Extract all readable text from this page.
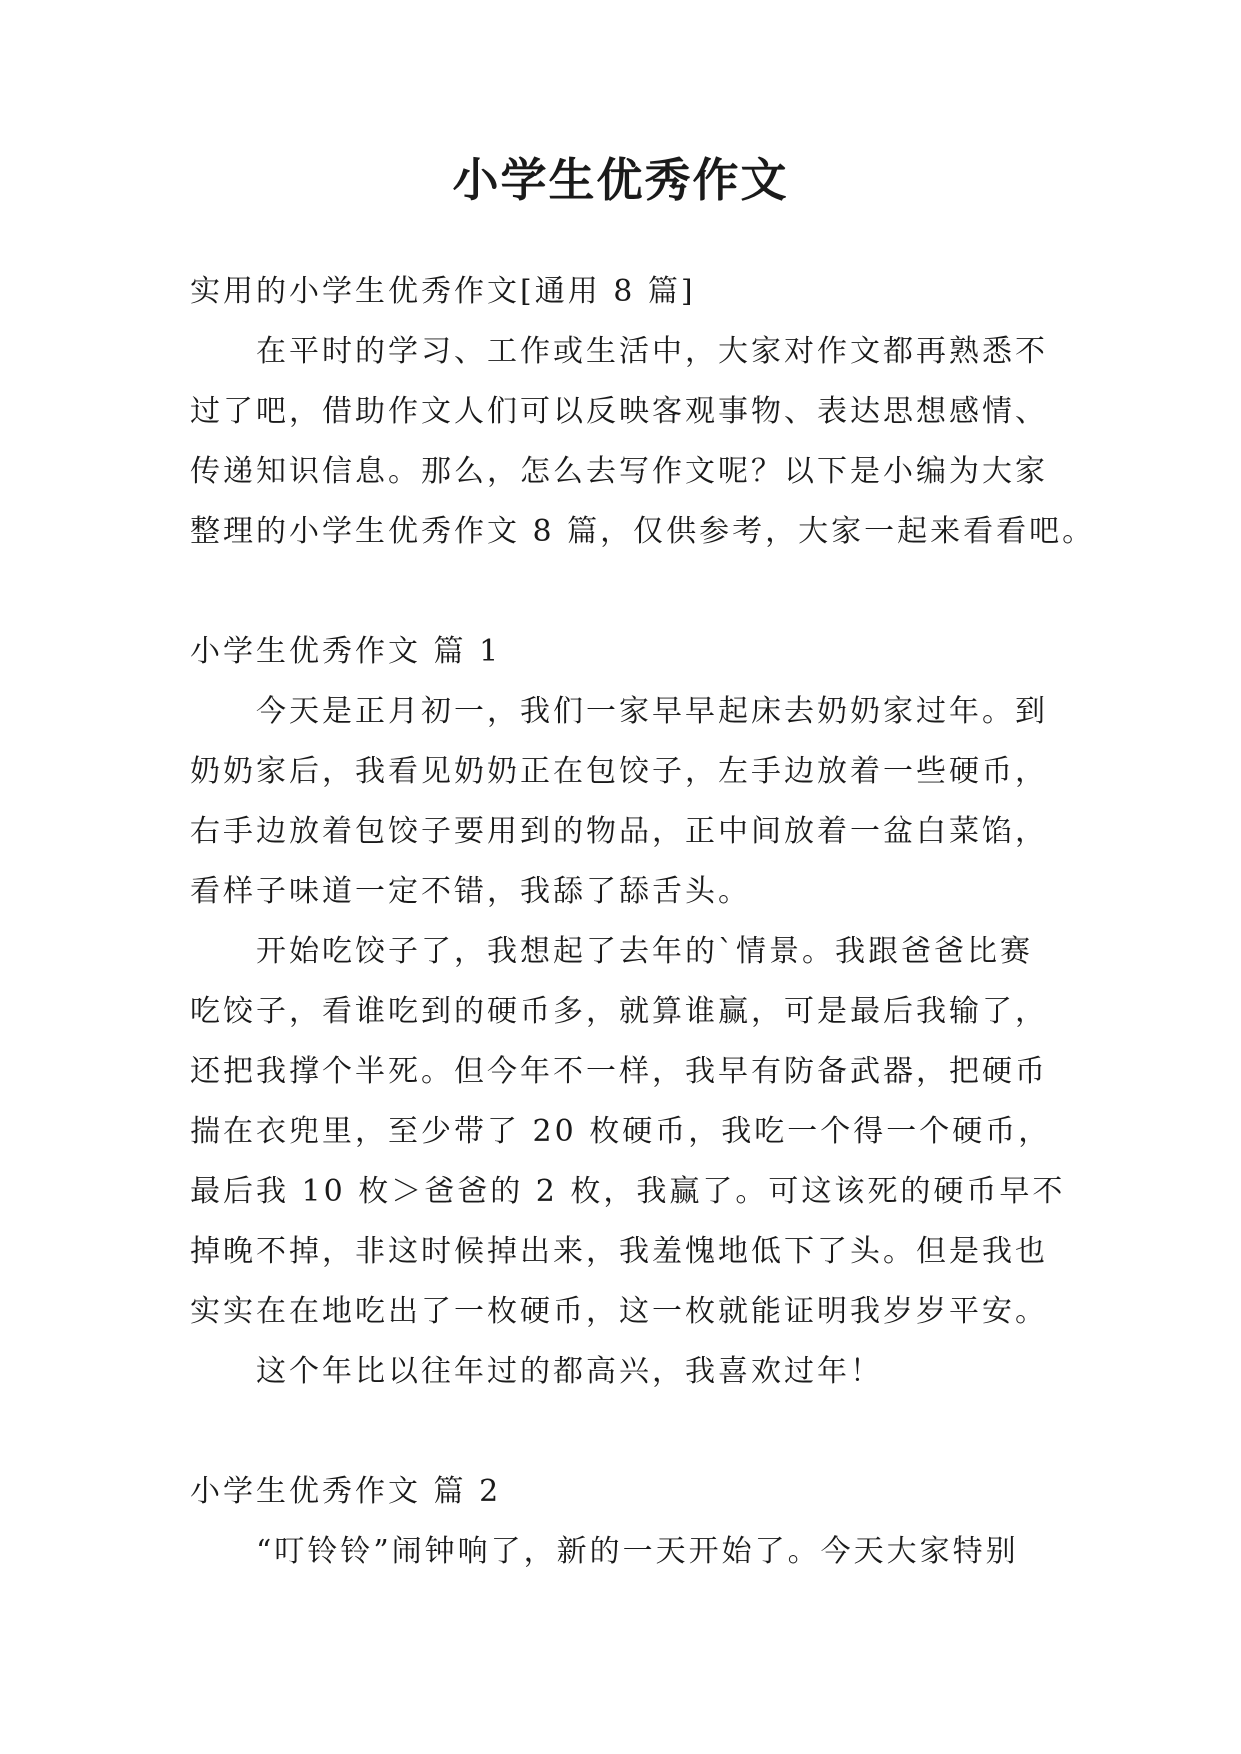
小学生优秀作文
实用的小学生优秀作文[通用 8 篇]
在平时的学习、工作或生活中，大家对作文都再熟悉不
过了吧，借助作文人们可以反映客观事物、表达思想感情、
传递知识信息。那么，怎么去写作文呢？以下是小编为大家
整理的小学生优秀作文 8 篇，仅供参考，大家一起来看看吧。
小学生优秀作文 篇 1
今天是正月初一，我们一家早早起床去奶奶家过年。到
奶奶家后，我看见奶奶正在包饺子，左手边放着一些硬币，
右手边放着包饺子要用到的物品，正中间放着一盆白菜馅，
看样子味道一定不错，我舔了舔舌头。
开始吃饺子了，我想起了去年的`情景。我跟爸爸比赛
吃饺子，看谁吃到的硬币多，就算谁赢，可是最后我输了，
还把我撑个半死。但今年不一样，我早有防备武器，把硬币
揣在衣兜里，至少带了 20 枚硬币，我吃一个得一个硬币，
最后我 10 枚＞爸爸的 2 枚，我赢了。可这该死的硬币早不
掉晚不掉，非这时候掉出来，我羞愧地低下了头。但是我也
实实在在地吃出了一枚硬币，这一枚就能证明我岁岁平安。
这个年比以往年过的都高兴，我喜欢过年！
小学生优秀作文 篇 2
“叮铃铃”闹钟响了，新的一天开始了。今天大家特别
